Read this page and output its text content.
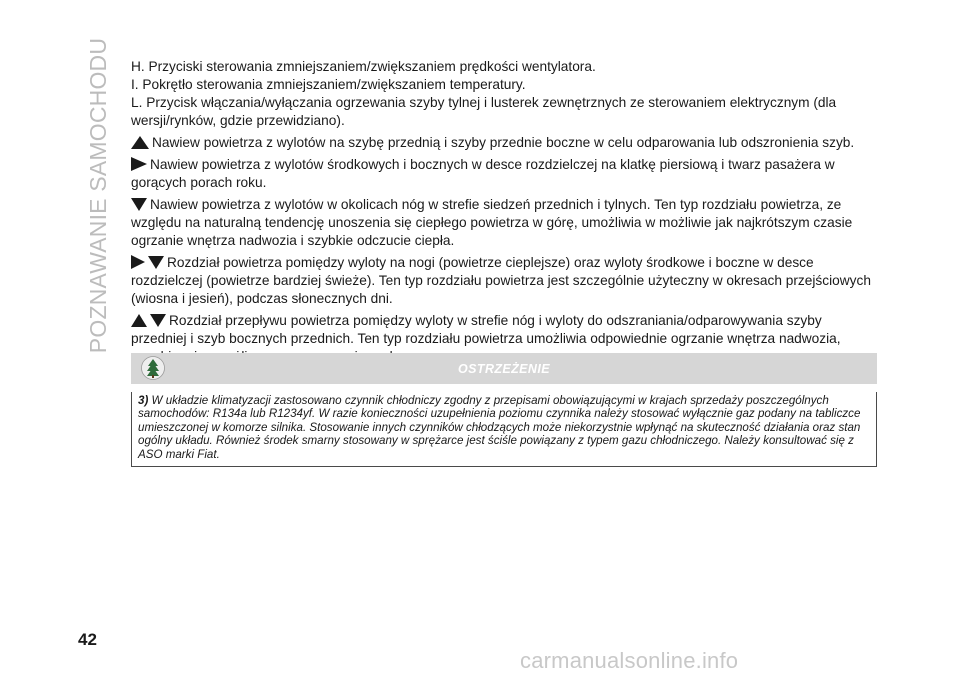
POZNAWANIE SAMOCHODU H. Przyciski sterowania zmniejszaniem/zwiększaniem prędkości wentylatora.

I. Pokrętło sterowania zmniejszaniem/zwiększaniem temperatury.

L. Przycisk włączania/wyłączania ogrzewania szyby tylnej i lusterek zewnętrznych ze sterowaniem elektrycznym (dla wersji/rynków, gdzie przewidziano).

Nawiew powietrza z wylotów na szybę przednią i szyby przednie boczne w celu odparowania lub odszronienia szyb.

Nawiew powietrza z wylotów środkowych i bocznych w desce rozdzielczej na klatkę piersiową i twarz pasażera w gorących porach roku.

Nawiew powietrza z wylotów w okolicach nóg w strefie siedzeń przednich i tylnych. Ten typ rozdziału powietrza, ze względu na naturalną tendencję unoszenia się ciepłego powietrza w górę, umożliwia w możliwie jak najkrótszym czasie ogrzanie wnętrza nadwozia i szybkie odczucie ciepła.

Rozdział powietrza pomiędzy wyloty na nogi (powietrze cieplejsze) oraz wyloty środkowe i boczne w desce rozdzielczej (powietrze bardziej świeże). Ten typ rozdziału powietrza jest szczególnie użyteczny w okresach przejściowych (wiosna i jesień), podczas słonecznych dni.

Rozdział przepływu powietrza pomiędzy wyloty w strefie nóg i wyloty do odszraniania/odparowywania szyby przedniej i szyb bocznych przednich. Ten typ rozdziału powietrza umożliwia odpowiednie ogrzanie wnętrza nadwozia,

OSTRZEŻENIE
3) W układzie klimatyzacji zastosowano czynnik chłodniczy zgodny z przepisami obowiązującymi w krajach sprzedaży poszczególnych samochodów: R134a lub R1234yf. W razie konieczności uzupełnienia poziomu czynnika należy stosować wyłącznie gaz podany na tabliczce umieszczonej w komorze silnika. Stosowanie innych czynników chłodzących może niekorzystnie wpłynąć na skuteczność działania oraz stan ogólny układu. Również środek smarny stosowany w sprężarce jest ściśle powiązany z typem gazu chłodniczego. Należy konsultować się z ASO marki Fiat.
42
carmanualsonline.info
